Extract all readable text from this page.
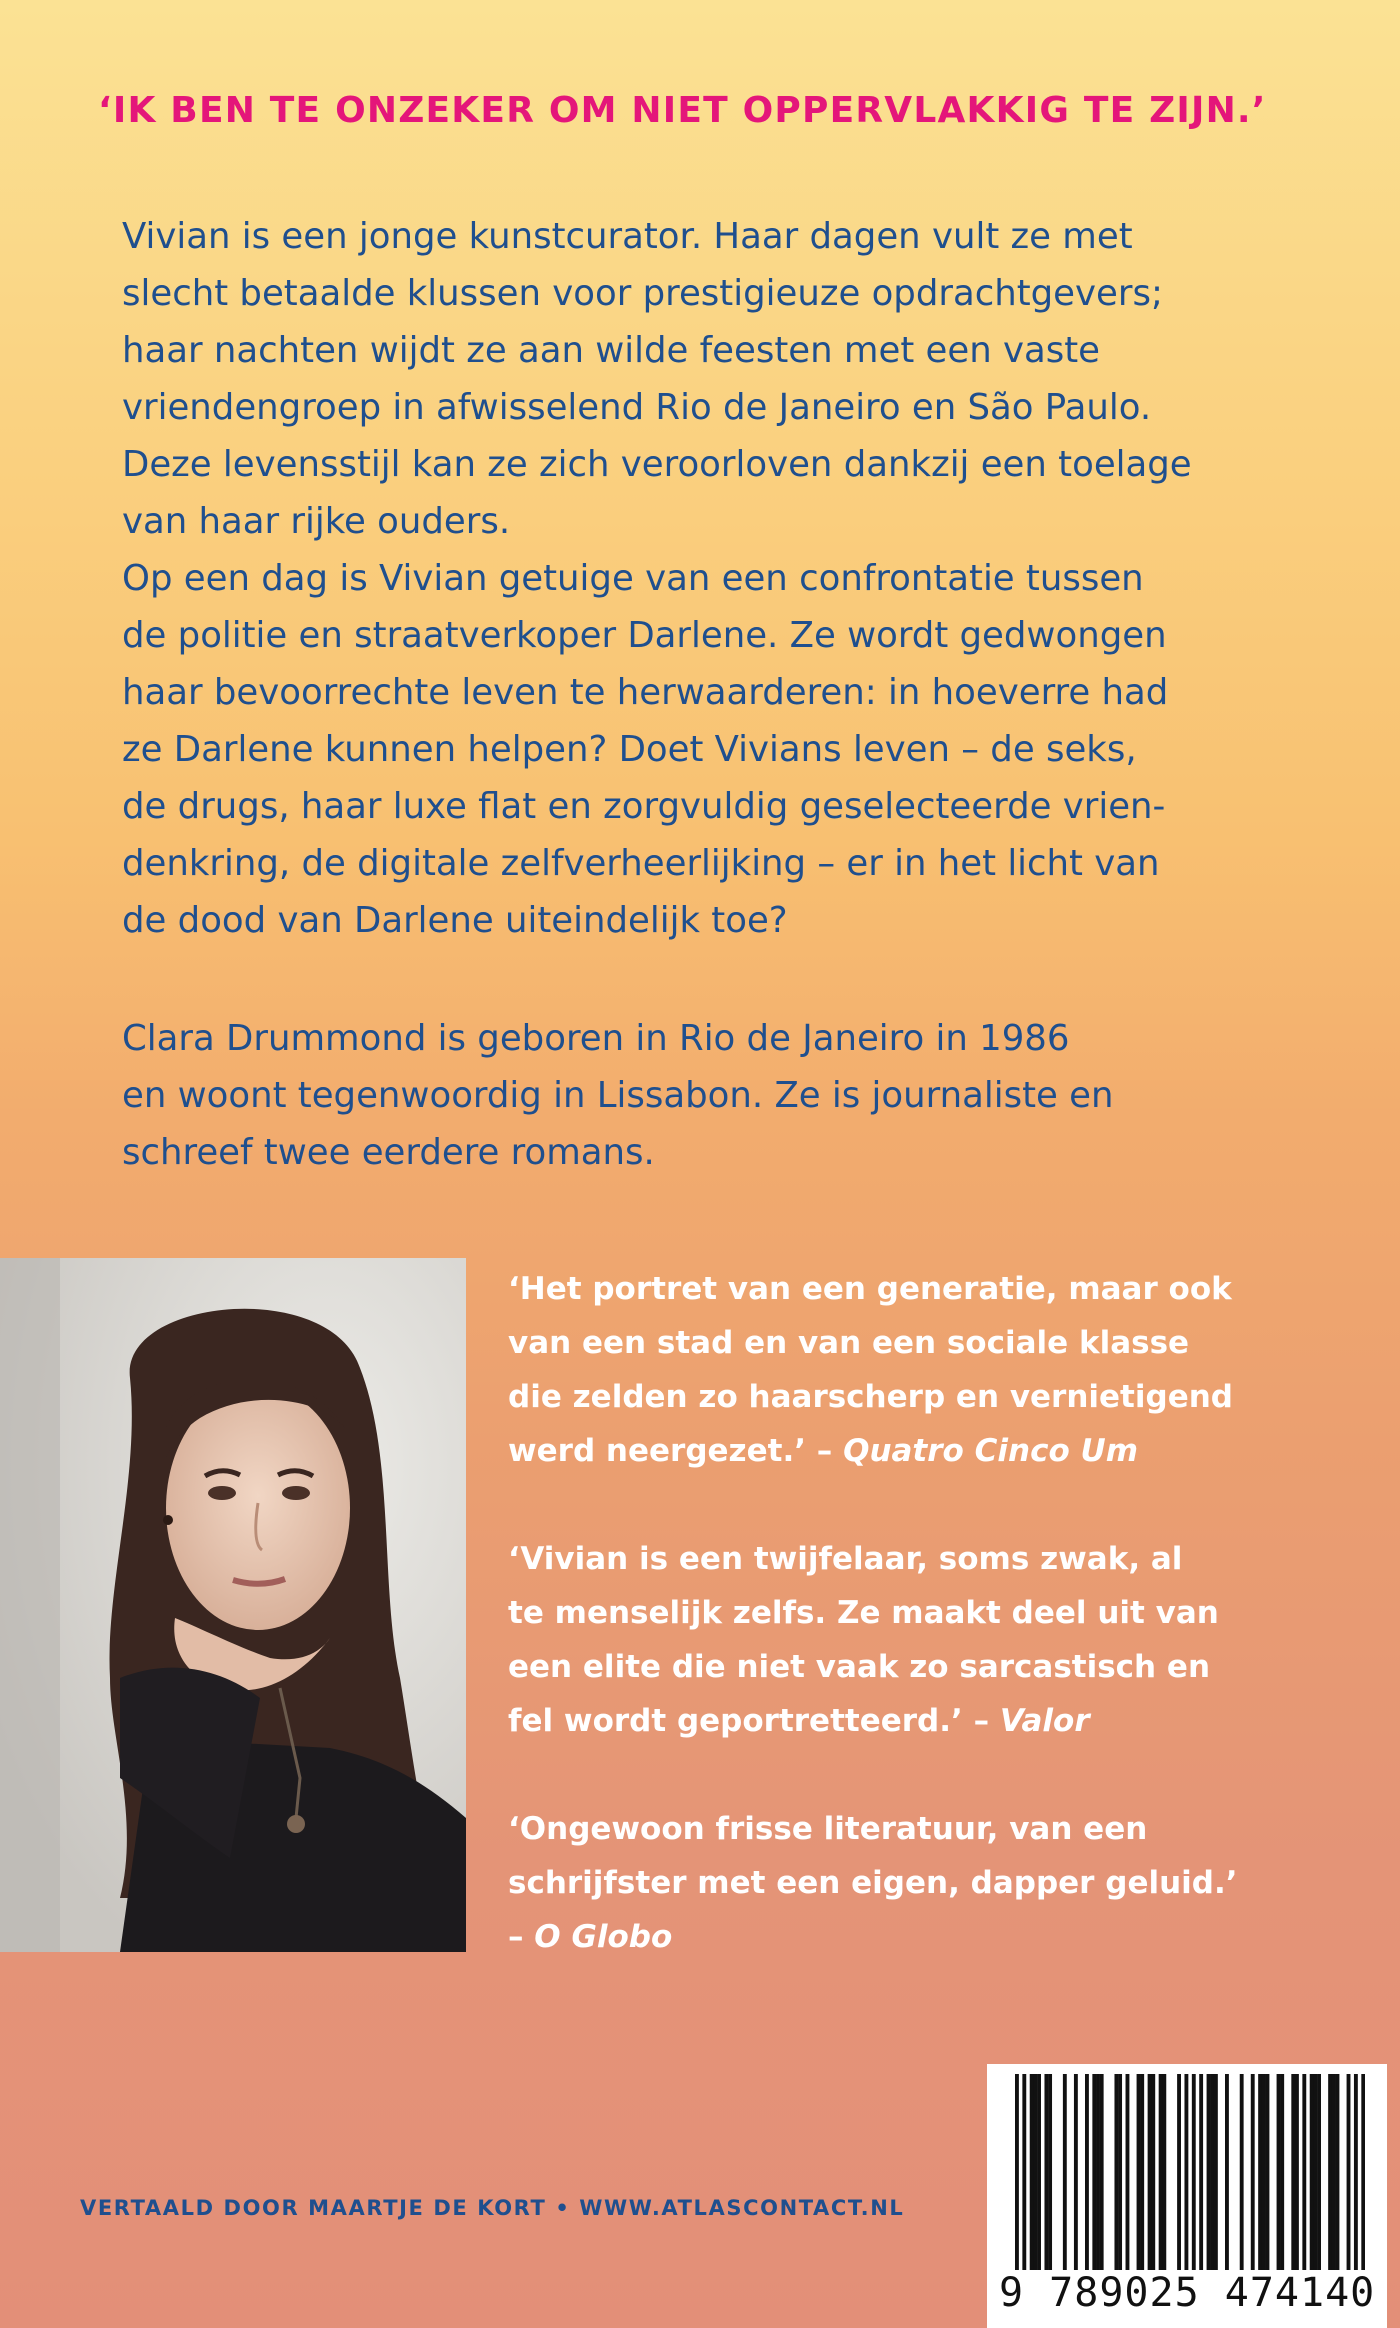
‘IK BEN TE ONZEKER OM NIET OPPERVLAKKIG TE ZIJN.’
Vivian is een jonge kunstcurator. Haar dagen vult ze met
slecht betaalde klussen voor prestigieuze opdrachtgevers;
haar nachten wijdt ze aan wilde feesten met een vaste
vriendengroep in afwisselend Rio de Janeiro en São Paulo.
Deze levensstijl kan ze zich veroorloven dankzij een toelage
van haar rijke ouders.
Op een dag is Vivian getuige van een confrontatie tussen
de politie en straatverkoper Darlene. Ze wordt gedwongen
haar bevoorrechte leven te herwaarderen: in hoeverre had
ze Darlene kunnen helpen? Doet Vivians leven – de seks,
de drugs, haar luxe flat en zorgvuldig geselecteerde vrien-
denkring, de digitale zelfverheerlijking – er in het licht van
de dood van Darlene uiteindelijk toe?
Clara Drummond is geboren in Rio de Janeiro in 1986
en woont tegenwoordig in Lissabon. Ze is journaliste en
schreef twee eerdere romans.
‘Het portret van een generatie, maar ook
van een stad en van een sociale klasse
die zelden zo haarscherp en vernietigend
werd neergezet.’ – Quatro Cinco Um
‘Vivian is een twijfelaar, soms zwak, al
te menselijk zelfs. Ze maakt deel uit van
een elite die niet vaak zo sarcastisch en
fel wordt geportretteerd.’ – Valor
‘Ongewoon frisse literatuur, van een
schrijfster met een eigen, dapper geluid.’
– O Globo
VERTAALD DOOR MAARTJE DE KORT • WWW.ATLASCONTACT.NL
9 789025 474140
